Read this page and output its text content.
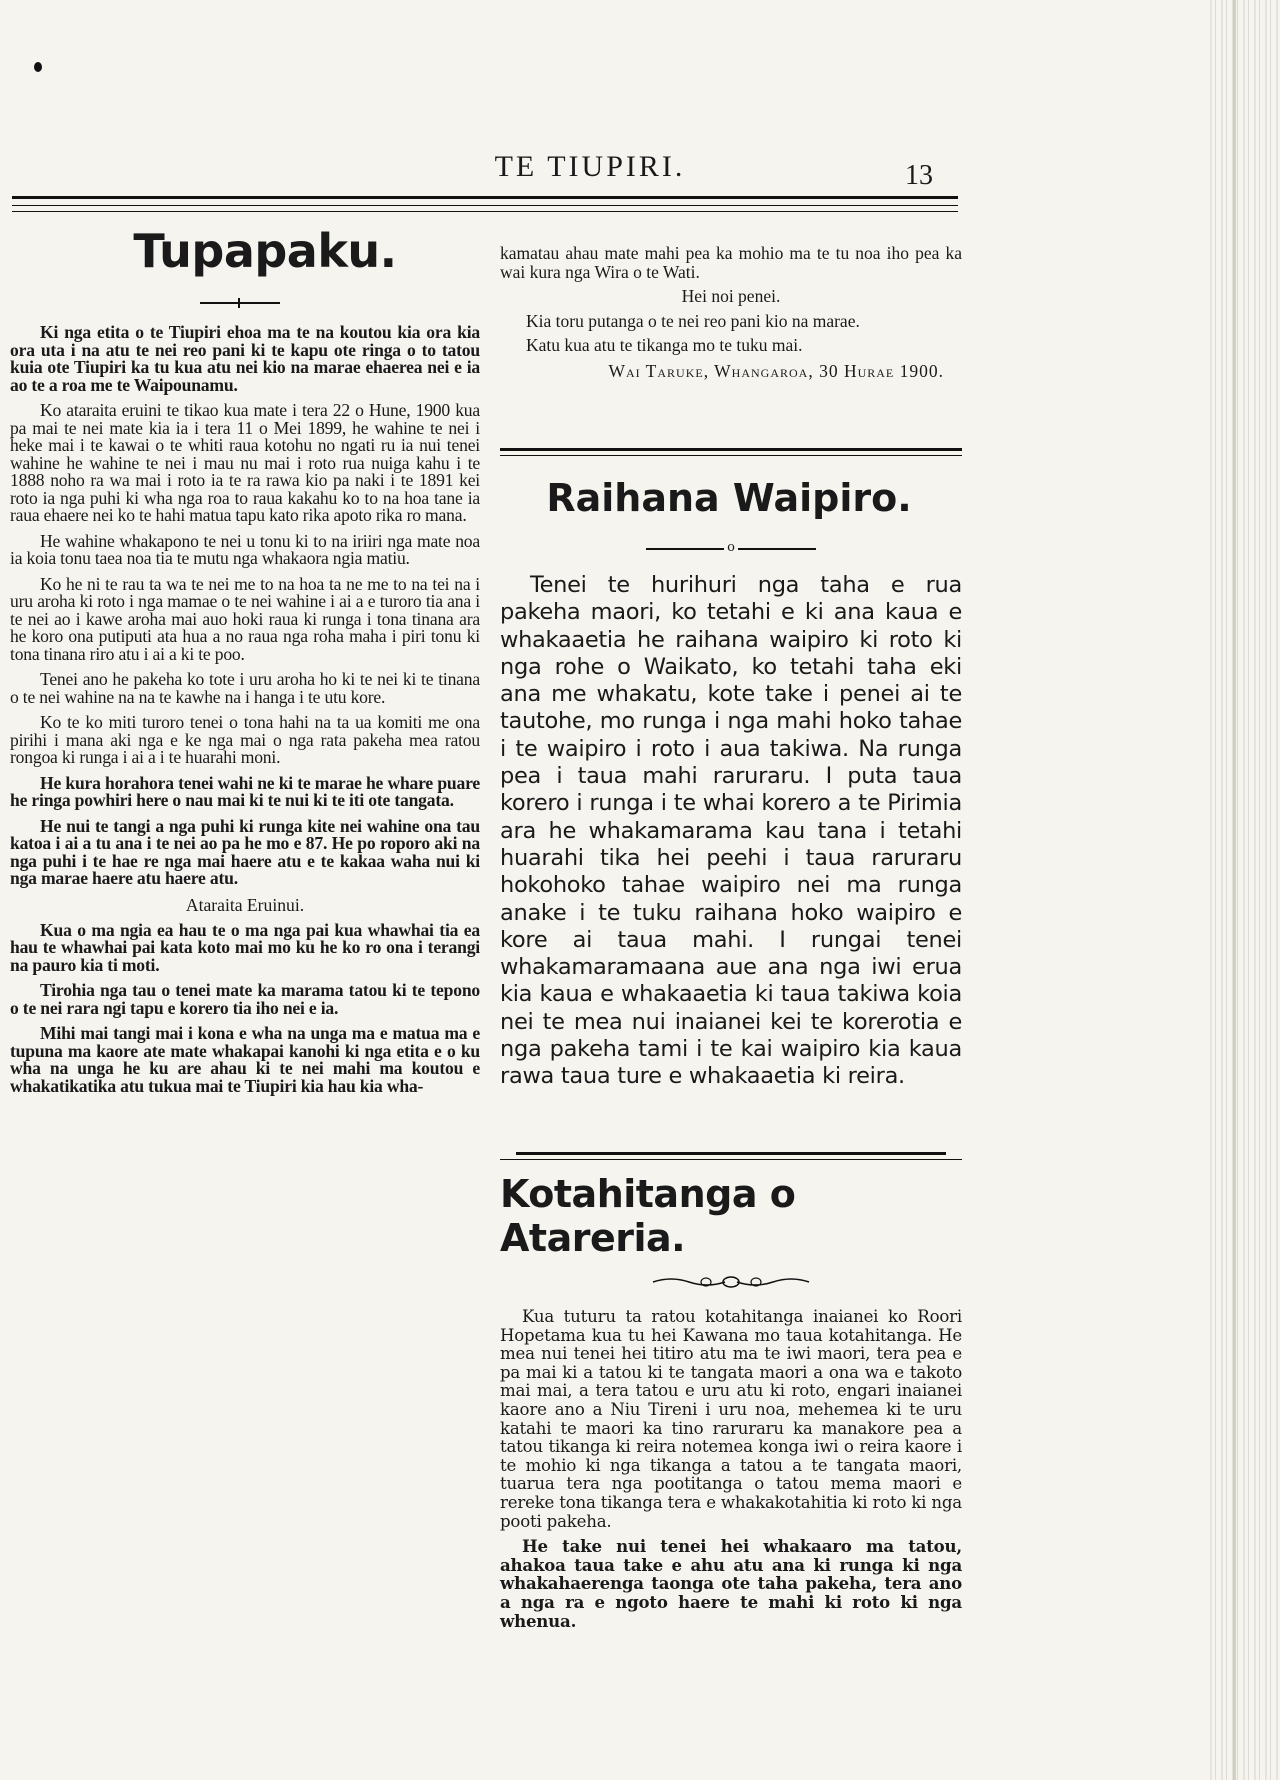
TE TIUPIRI.	13
Tupapaku.

Ki nga etita o te Tiupiri ehoa ma te na koutou kia ora kia ora uta i na atu te nei reo pani ki te kapu ote ringa o to tatou kuia ote Tiupiri ka tu kua atu nei kio na marae ehaerea nei e ia ao te a roa me te Waipounamu.

Ko ataraita eruini te tikao kua mate i tera 22 o Hune, 1900 kua pa mai te nei mate kia ia i tera 11 o Mei 1899, he wahine te nei i heke mai i te kawai o te whiti raua kotohu no ngati ru ia nui tenei wahine he wahine te nei i mau nu mai i roto rua nuiga kahu i te 1888 noho ra wa mai i roto ia te ra rawa kio pa naki i te 1891 kei roto ia nga puhi ki wha nga roa to raua kakahu ko to na hoa tane ia raua ehaere nei ko te hahi matua tapu kato rika apoto rika ro mana.

He wahine whakapono te nei u tonu ki to na iriiri nga mate noa ia koia tonu taea noa tia te mutu nga whakaora ngia matiu.

Ko he ni te rau ta wa te nei me to na hoa ta ne me to na tei na i uru aroha ki roto i nga mamae o te nei wahine i ai a e turoro tia ana i te nei ao i kawe aroha mai auo hoki raua ki runga i tona tinana ara he koro ona putiputi ata hua a no raua nga roha maha i piri tonu ki tona tinana riro atu i ai a ki te poo.

Tenei ano he pakeha ko tote i uru aroha ho ki te nei ki te tinana o te nei wahine na na te kawhe na i hanga i te utu kore.

Ko te ko miti turoro tenei o tona hahi na ta ua komiti me ona pirihi i mana aki nga e ke nga mai o nga rata pakeha mea ratou rongoa ki runga i ai a i te huarahi moni.

He kura horahora tenei wahi ne ki te marae he whare puare he ringa powhiri here o nau mai ki te nui ki te iti ote tangata.

He nui te tangi a nga puhi ki runga kite nei wahine ona tau katoa i ai a tu ana i te nei ao pa he mo e 87. He po roporo aki na nga puhi i te hae re nga mai haere atu e te kakaa waha nui ki nga marae haere atu haere atu.

Ataraita Eruinui.

Kua o ma ngia ea hau te o ma nga pai kua whawhai tia ea hau te whawhai pai kata koto mai mo ku he ko ro ona i terangi na pauro kia ti moti.

Tirohia nga tau o tenei mate ka marama tatou ki te tepono o te nei rara ngi tapu e korero tia iho nei e ia.

Mihi mai tangi mai i kona e wha na unga ma e matua ma e tupuna ma kaore ate mate whakapai kanohi ki nga etita e o ku wha na unga he ku are ahau ki te nei mahi ma koutou e whakatikatika atu tukua mai te Tiupiri kia hau kia wha-

kamatau ahau mate mahi pea ka mohio ma te tu noa iho pea ka wai kura nga Wira o te Wati.

Hei noi penei.

Kia toru putanga o te nei reo pani kio na marae.

Katu kua atu te tikanga mo te tuku mai.

Wai Taruke, Whangaroa, 30 Hurae 1900.
Raihana Waipiro.
o

Tenei te hurihuri nga taha e rua pakeha maori, ko tetahi e ki ana kaua e whakaaetia he raihana waipiro ki roto ki nga rohe o Waikato, ko tetahi taha eki ana me whakatu, kote take i penei ai te tautohe, mo runga i nga mahi hoko tahae i te waipiro i roto i aua takiwa. Na runga pea i taua mahi raruraru. I puta taua korero i runga i te whai korero a te Pirimia ara he whakamarama kau tana i tetahi huarahi tika hei peehi i taua raruraru hokohoko tahae waipiro nei ma runga anake i te tuku raihana hoko waipiro e kore ai taua mahi. I rungai tenei whakamaramaana aue ana nga iwi erua kia kaua e whakaaetia ki taua takiwa koia nei te mea nui inaianei kei te korerotia e nga pakeha tami i te kai waipiro kia kaua rawa taua ture e whakaaetia ki reira.

Kotahitanga o Atareria.

Kua tuturu ta ratou kotahitanga inaianei ko Roori Hopetama kua tu hei Kawana mo taua kotahitanga. He mea nui tenei hei titiro atu ma te iwi maori, tera pea e pa mai ki a tatou ki te tangata maori a ona wa e takoto mai mai, a tera tatou e uru atu ki roto, engari inaianei kaore ano a Niu Tireni i uru noa, mehemea ki te uru katahi te maori ka tino raruraru ka manakore pea a tatou tikanga ki reira notemea konga iwi o reira kaore i te mohio ki nga tikanga a tatou a te tangata maori, tuarua tera nga pootitanga o tatou mema maori e rereke tona tikanga tera e whakakotahitia ki roto ki nga pooti pakeha.

He take nui tenei hei whakaaro ma tatou, ahakoa taua take e ahu atu ana ki runga ki nga whakahaerenga taonga ote taha pakeha, tera ano a nga ra e ngoto haere te mahi ki roto ki nga whenua.
